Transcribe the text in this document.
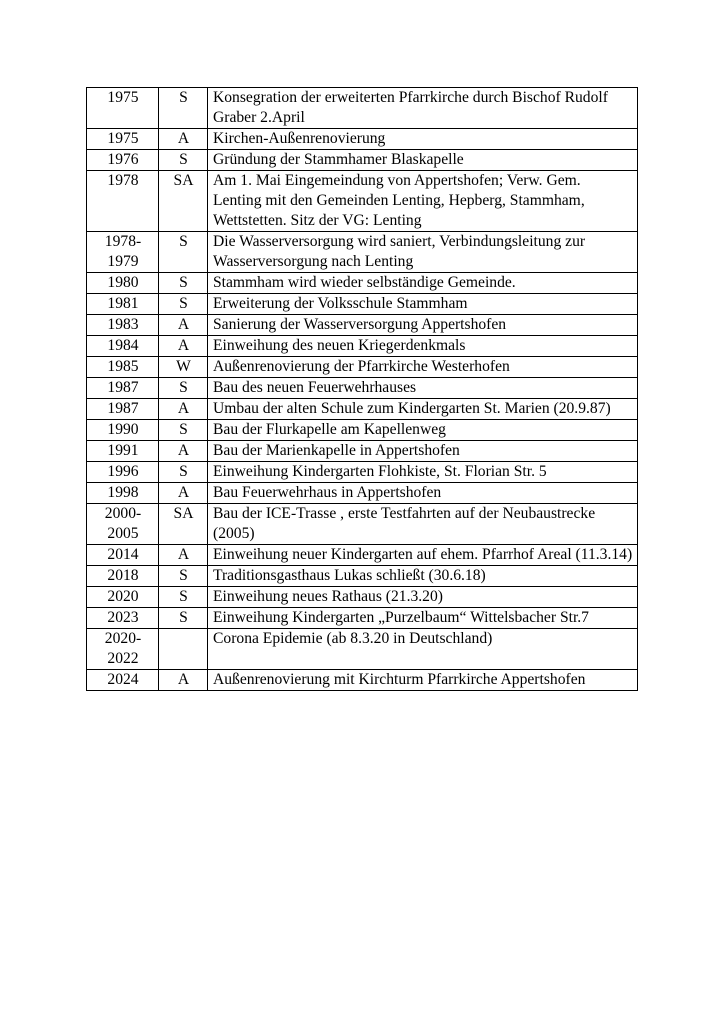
1975	S	Konsegration der erweiterten Pfarrkirche durch Bischof Rudolf Graber 2.April
1975	A	Kirchen-Außenrenovierung
1976	S	Gründung der Stammhamer Blaskapelle
1978	SA	Am 1. Mai Eingemeindung von Appertshofen; Verw. Gem. Lenting mit den Gemeinden Lenting, Hepberg, Stammham, Wettstetten. Sitz der VG: Lenting
1978-1979	S	Die Wasserversorgung wird saniert, Verbindungsleitung zur Wasserversorgung nach Lenting
1980	S	Stammham wird wieder selbständige Gemeinde.
1981	S	Erweiterung der Volksschule Stammham
1983	A	Sanierung der Wasserversorgung Appertshofen
1984	A	Einweihung des neuen Kriegerdenkmals
1985	W	Außenrenovierung der Pfarrkirche Westerhofen
1987	S	Bau des neuen Feuerwehrhauses
1987	A	Umbau der alten Schule zum Kindergarten St. Marien (20.9.87)
1990	S	Bau der Flurkapelle am Kapellenweg
1991	A	Bau der Marienkapelle in Appertshofen
1996	S	Einweihung Kindergarten Flohkiste, St. Florian Str. 5
1998	A	Bau Feuerwehrhaus in Appertshofen
2000-2005	SA	Bau der ICE-Trasse , erste Testfahrten auf der Neubaustrecke (2005)
2014	A	Einweihung neuer Kindergarten auf ehem. Pfarrhof Areal (11.3.14)
2018	S	Traditionsgasthaus Lukas schließt (30.6.18)
2020	S	Einweihung neues Rathaus (21.3.20)
2023	S	Einweihung Kindergarten „Purzelbaum“ Wittelsbacher Str.7
2020-2022		Corona Epidemie (ab 8.3.20 in Deutschland)
2024	A	Außenrenovierung mit Kirchturm Pfarrkirche Appertshofen
